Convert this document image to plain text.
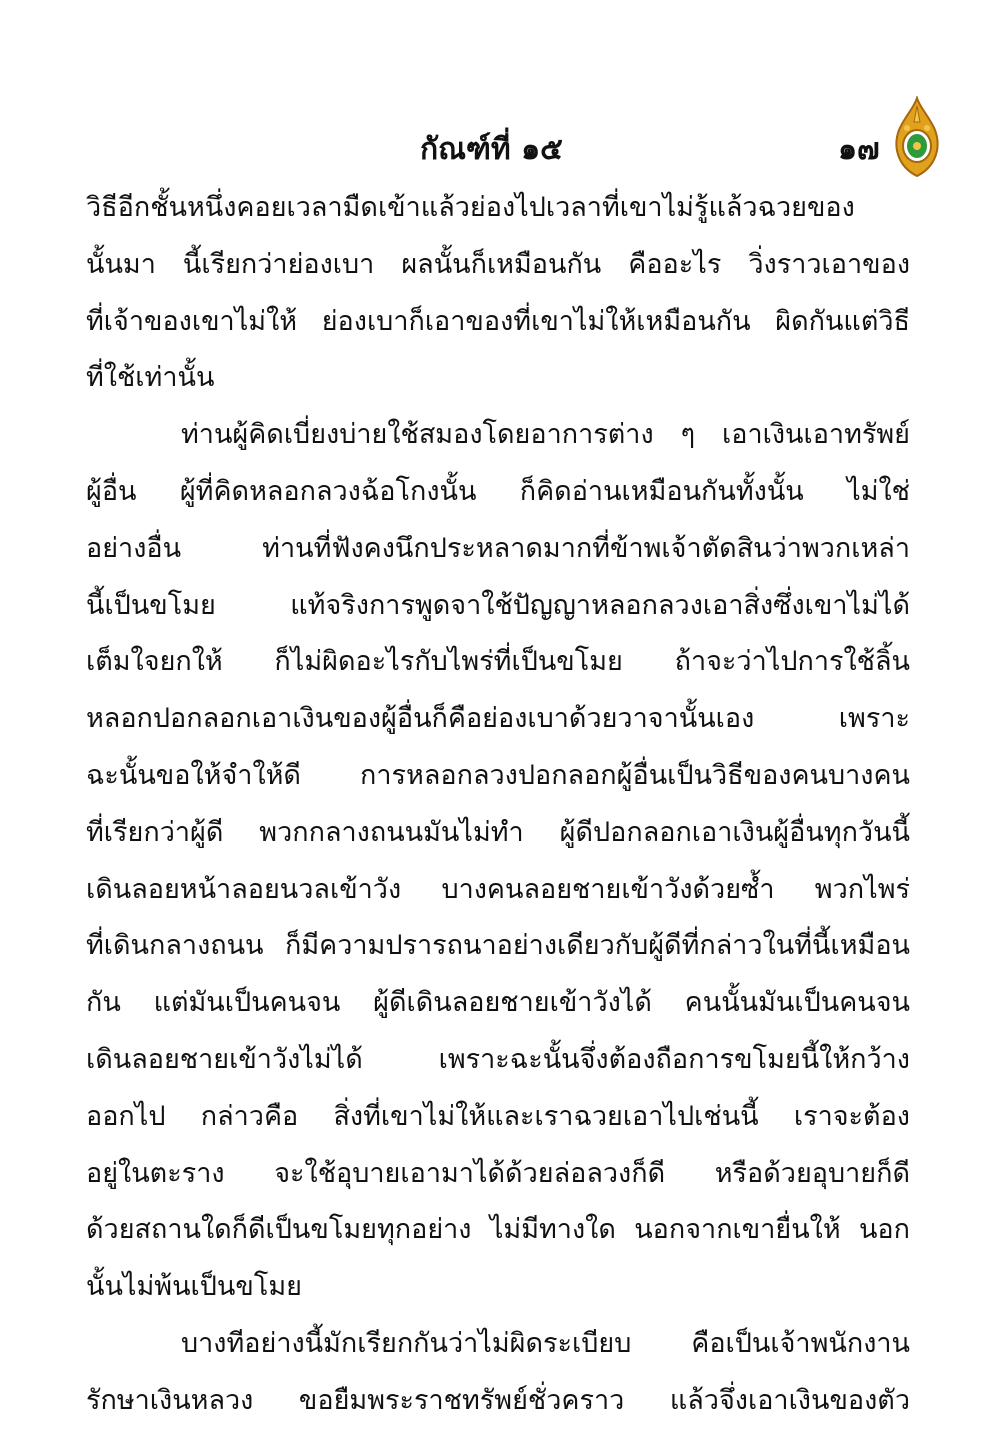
กัณฑ์ที่ ๑๕	๑๗
วิธีอีกชั้นหนึ่งคอยเวลามืดเข้าแล้วย่องไปเวลาที่เขาไม่รู้แล้วฉวยของ
นั้นมา นี้เรียกว่าย่องเบา ผลนั้นก็เหมือนกัน คืออะไร วิ่งราวเอาของ
ที่เจ้าของเขาไม่ให้ ย่องเบาก็เอาของที่เขาไม่ให้เหมือนกัน ผิดกันแต่วิธี
ที่ใช้เท่านั้น
ท่านผู้คิดเบี่ยงบ่ายใช้สมองโดยอาการต่าง ๆ เอาเงินเอาทรัพย์
ผู้อื่น ผู้ที่คิดหลอกลวงฉ้อโกงนั้น ก็คิดอ่านเหมือนกันทั้งนั้น ไม่ใช่
อย่างอื่น ท่านที่ฟังคงนึกประหลาดมากที่ข้าพเจ้าตัดสินว่าพวกเหล่า
นี้เป็นขโมย แท้จริงการพูดจาใช้ปัญญาหลอกลวงเอาสิ่งซึ่งเขาไม่ได้
เต็มใจยกให้ ก็ไม่ผิดอะไรกับไพร่ที่เป็นขโมย ถ้าจะว่าไปการใช้ลิ้น
หลอกปอกลอกเอาเงินของผู้อื่นก็คือย่องเบาด้วยวาจานั้นเอง เพราะ
ฉะนั้นขอให้จำให้ดี การหลอกลวงปอกลอกผู้อื่นเป็นวิธีของคนบางคน
ที่เรียกว่าผู้ดี พวกกลางถนนมันไม่ทำ ผู้ดีปอกลอกเอาเงินผู้อื่นทุกวันนี้
เดินลอยหน้าลอยนวลเข้าวัง บางคนลอยชายเข้าวังด้วยซ้ำ พวกไพร่
ที่เดินกลางถนน ก็มีความปรารถนาอย่างเดียวกับผู้ดีที่กล่าวในที่นี้เหมือน
กัน แต่มันเป็นคนจน ผู้ดีเดินลอยชายเข้าวังได้ คนนั้นมันเป็นคนจน
เดินลอยชายเข้าวังไม่ได้ เพราะฉะนั้นจึ่งต้องถือการขโมยนี้ให้กว้าง
ออกไป กล่าวคือ สิ่งที่เขาไม่ให้และเราฉวยเอาไปเช่นนี้ เราจะต้อง
อยู่ในตะราง จะใช้อุบายเอามาได้ด้วยล่อลวงก็ดี หรือด้วยอุบายก็ดี
ด้วยสถานใดก็ดีเป็นขโมยทุกอย่าง ไม่มีทางใด นอกจากเขายื่นให้ นอก
นั้นไม่พ้นเป็นขโมย
บางทีอย่างนี้มักเรียกกันว่าไม่ผิดระเบียบ คือเป็นเจ้าพนักงาน
รักษาเงินหลวง ขอยืมพระราชทรัพย์ชั่วคราว แล้วจึ่งเอาเงินของตัว
